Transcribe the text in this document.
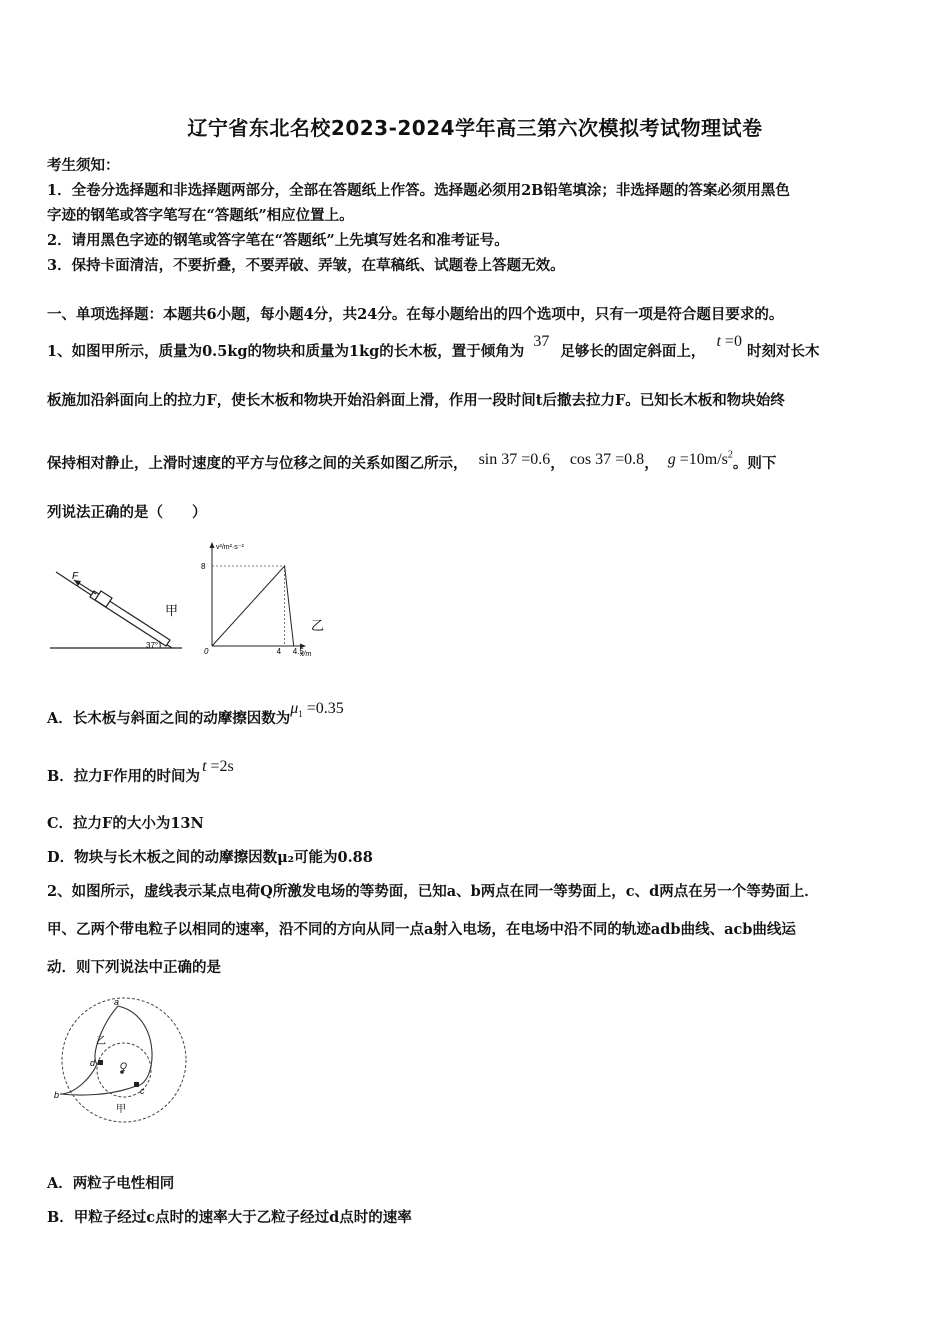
辽宁省东北名校2023-2024学年高三第六次模拟考试物理试卷
考生须知：
1．全卷分选择题和非选择题两部分，全部在答题纸上作答。选择题必须用2B铅笔填涂；非选择题的答案必须用黑色
字迹的钢笔或答字笔写在“答题纸”相应位置上。
2．请用黑色字迹的钢笔或答字笔在“答题纸”上先填写姓名和准考证号。
3．保持卡面清洁，不要折叠，不要弄破、弄皱，在草稿纸、试题卷上答题无效。
一、单项选择题：本题共6小题，每小题4分，共24分。在每小题给出的四个选项中，只有一项是符合题目要求的。
1、如图甲所示，质量为0.5kg的物块和质量为1kg的长木板，置于倾角为 37 足够长的固定斜面上， t =0 时刻对长木
板施加沿斜面向上的拉力F，使长木板和物块开始沿斜面上滑，作用一段时间t后撤去拉力F。已知长木板和物块始终
保持相对静止，上滑时速度的平方与位移之间的关系如图乙所示， sin 37 =0.6， cos 37 =0.8， $g =10m/s^2$。则下
列说法正确的是（　　）
F
甲
37°
v²/m²·s⁻²
8
0	4 4.5
x/m
乙
A．长木板与斜面之间的动摩擦因数为$\mu_1 =0.35$
B．拉力F作用的时间为t =2s
C．拉力F的大小为13N
D．物块与长木板之间的动摩擦因数μ₂可能为0.88
2、如图所示，虚线表示某点电荷Q所激发电场的等势面，已知a、b两点在同一等势面上，c、d两点在另一个等势面上．
甲、乙两个带电粒子以相同的速率，沿不同的方向从同一点a射入电场，在电场中沿不同的轨迹adb曲线、acb曲线运
动．则下列说法中正确的是
a
b	c
d	Q
乙
甲
A．两粒子电性相同
B．甲粒子经过c点时的速率大于乙粒子经过d点时的速率
